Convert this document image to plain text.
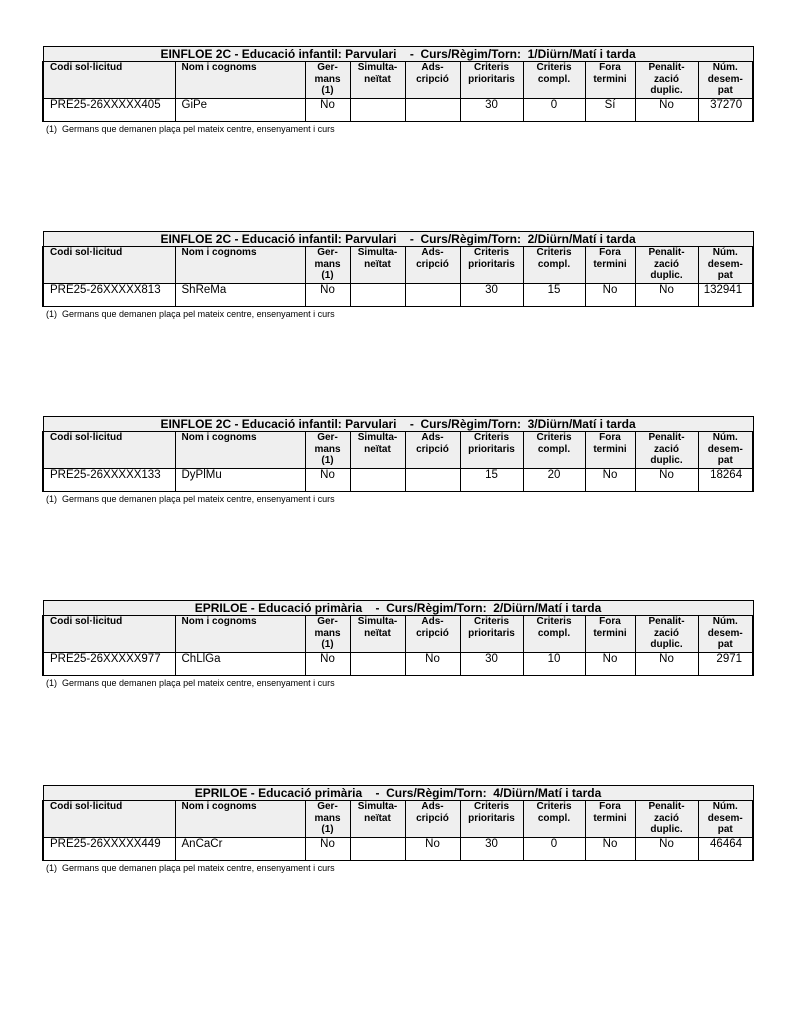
EINFLOE 2C - Educació infantil: Parvulari    -  Curs/Règim/Torn:  1/Diürn/Matí i tarda									
Codi sol·licitud	Nom i cognoms	Ger-
mans
(1)	Simulta-
neïtat	Ads-
cripció	Criteris
prioritaris	Criteris
compl.	Fora
termini	Penalit-
zació
duplic.	Núm.
desem-
pat
PRE25-26XXXXX405	GiPe	No			30	0	Sí	No	37270
(1)  Germans que demanen plaça pel mateix centre, ensenyament i curs
EINFLOE 2C - Educació infantil: Parvulari    -  Curs/Règim/Torn:  2/Diürn/Matí i tarda									
Codi sol·licitud	Nom i cognoms	Ger-
mans
(1)	Simulta-
neïtat	Ads-
cripció	Criteris
prioritaris	Criteris
compl.	Fora
termini	Penalit-
zació
duplic.	Núm.
desem-
pat
PRE25-26XXXXX813	ShReMa	No			30	15	No	No	132941
(1)  Germans que demanen plaça pel mateix centre, ensenyament i curs
EINFLOE 2C - Educació infantil: Parvulari    -  Curs/Règim/Torn:  3/Diürn/Matí i tarda									
Codi sol·licitud	Nom i cognoms	Ger-
mans
(1)	Simulta-
neïtat	Ads-
cripció	Criteris
prioritaris	Criteris
compl.	Fora
termini	Penalit-
zació
duplic.	Núm.
desem-
pat
PRE25-26XXXXX133	DyPlMu	No			15	20	No	No	18264
(1)  Germans que demanen plaça pel mateix centre, ensenyament i curs
EPRILOE - Educació primària    -  Curs/Règim/Torn:  2/Diürn/Matí i tarda									
Codi sol·licitud	Nom i cognoms	Ger-
mans
(1)	Simulta-
neïtat	Ads-
cripció	Criteris
prioritaris	Criteris
compl.	Fora
termini	Penalit-
zació
duplic.	Núm.
desem-
pat
PRE25-26XXXXX977	ChLlGa	No		No	30	10	No	No	2971
(1)  Germans que demanen plaça pel mateix centre, ensenyament i curs
EPRILOE - Educació primària    -  Curs/Règim/Torn:  4/Diürn/Matí i tarda									
Codi sol·licitud	Nom i cognoms	Ger-
mans
(1)	Simulta-
neïtat	Ads-
cripció	Criteris
prioritaris	Criteris
compl.	Fora
termini	Penalit-
zació
duplic.	Núm.
desem-
pat
PRE25-26XXXXX449	AnCaCr	No		No	30	0	No	No	46464
(1)  Germans que demanen plaça pel mateix centre, ensenyament i curs
